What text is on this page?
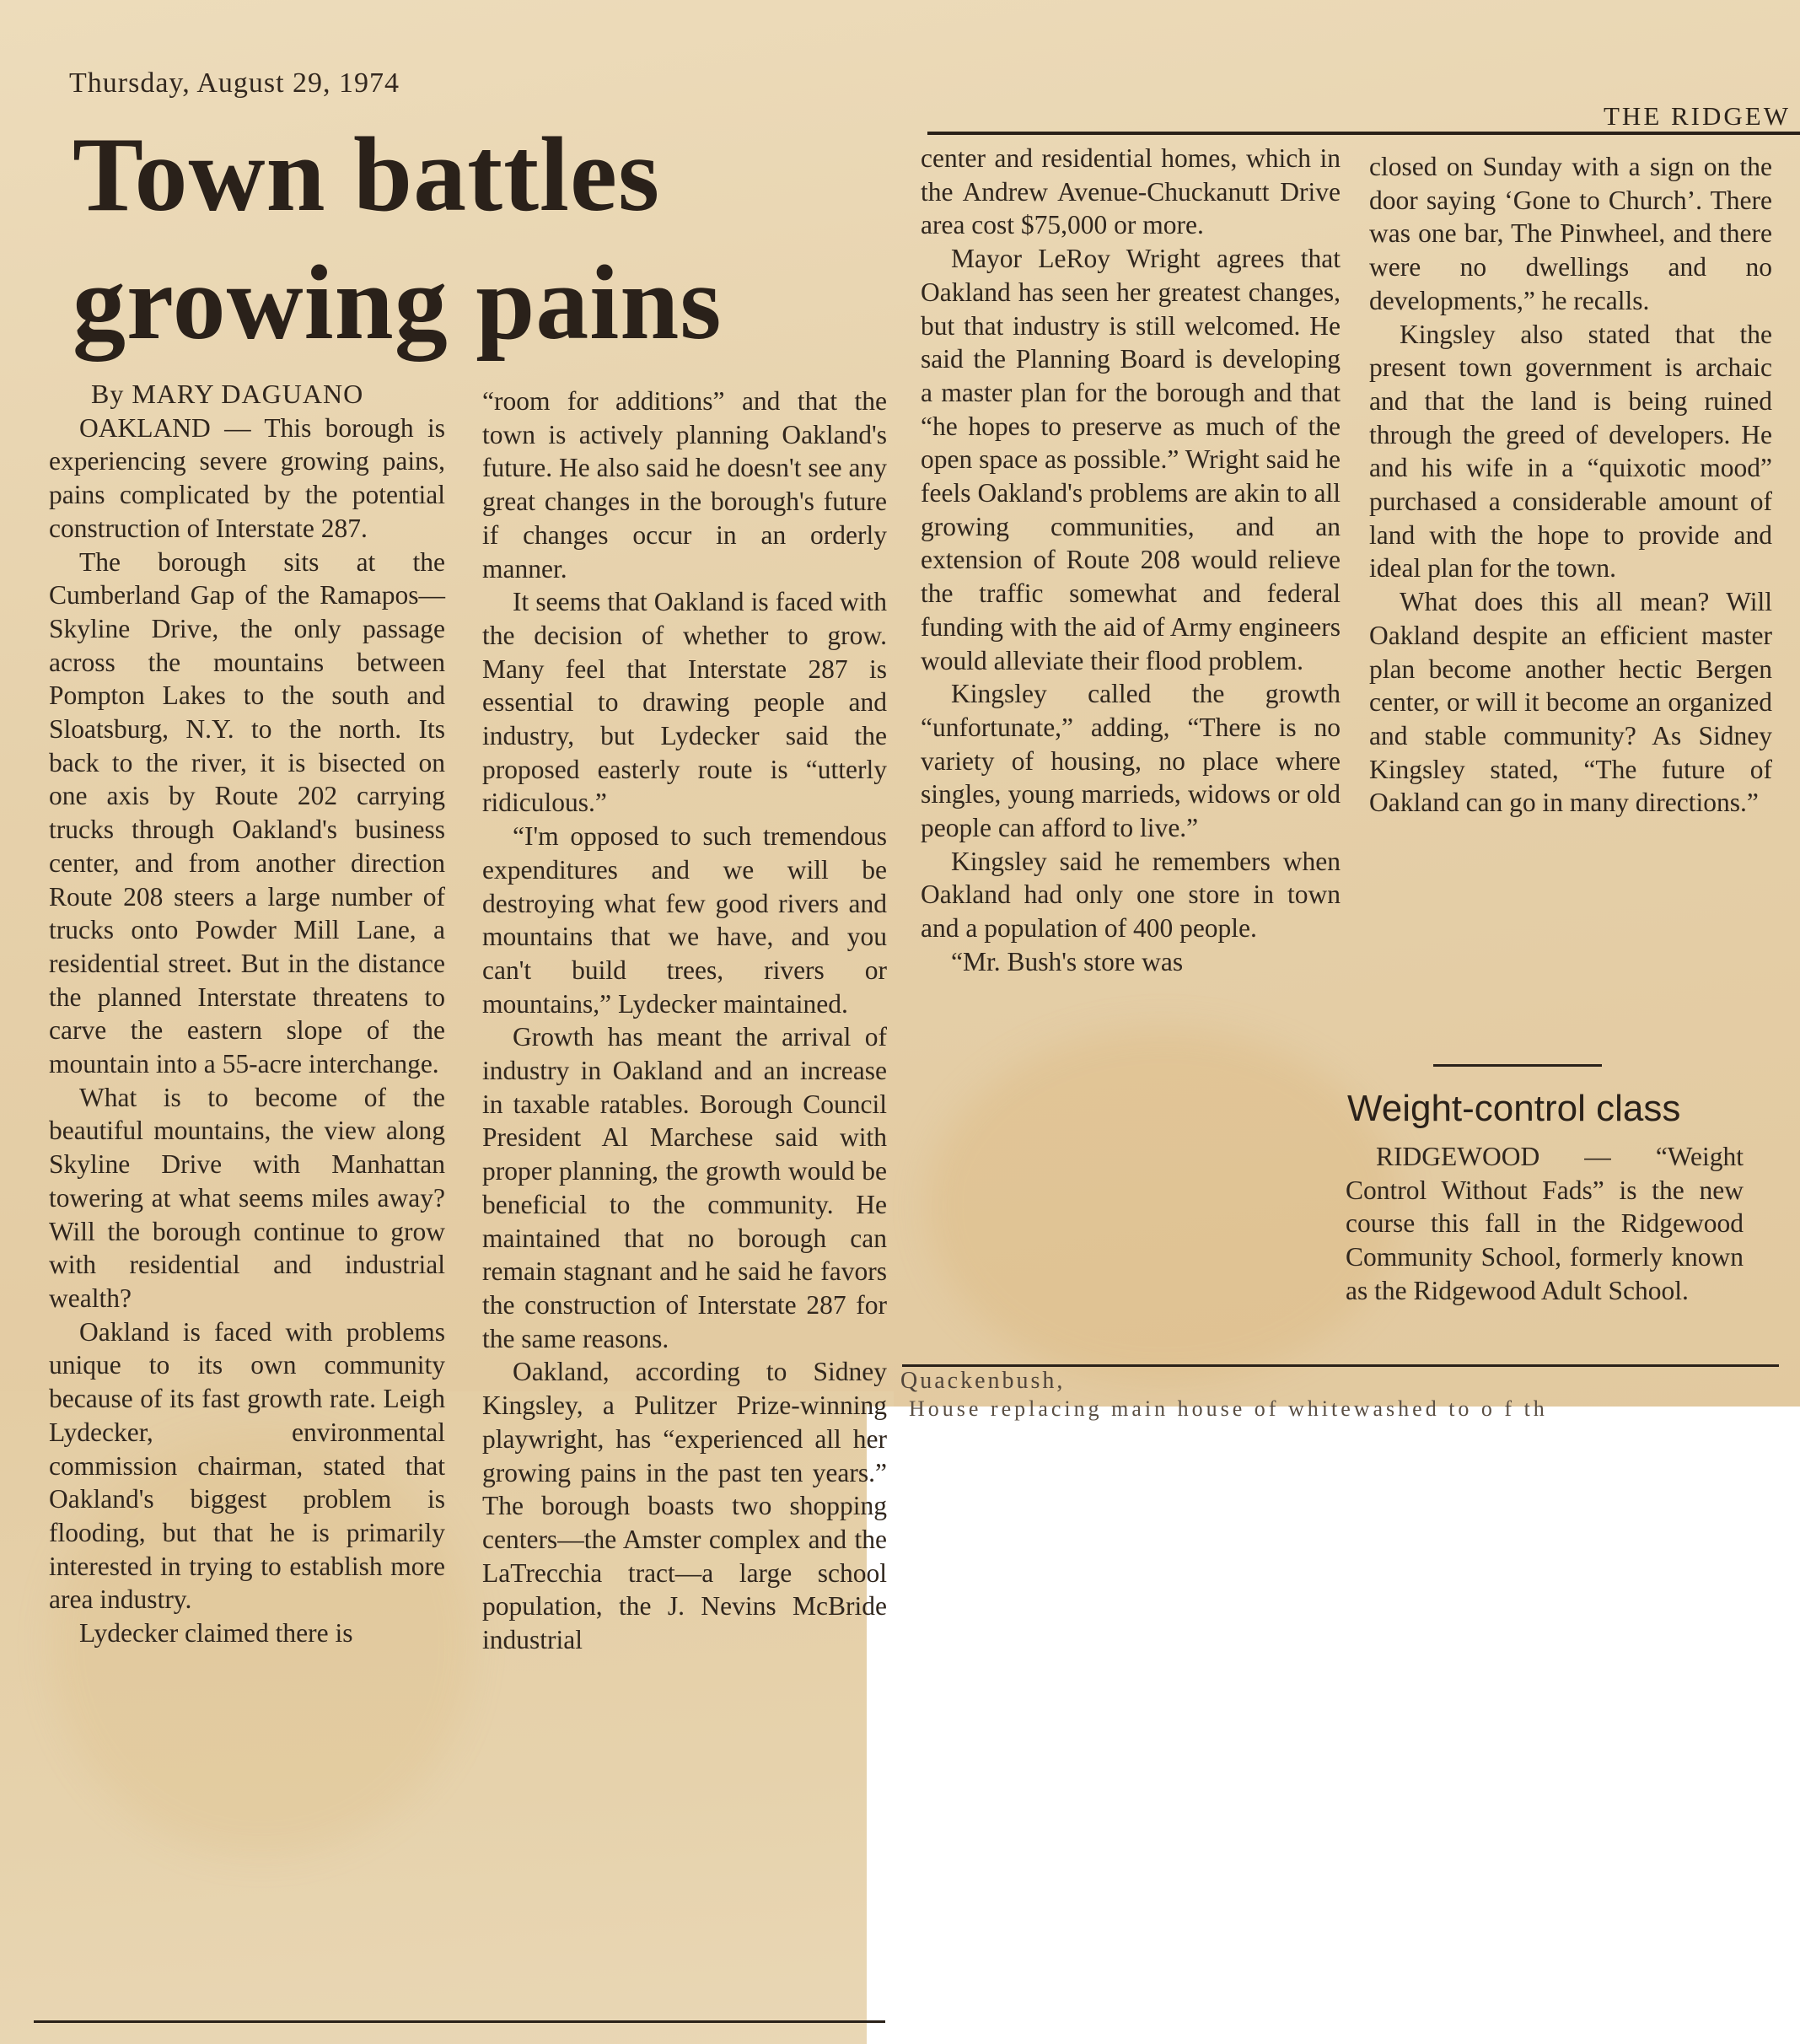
Thursday, August 29, 1974
THE RIDGEW
Town battles growing pains
By MARY DAGUANO

OAKLAND — This borough is experiencing severe growing pains, pains complicated by the potential construction of Interstate 287.

The borough sits at the Cumberland Gap of the Ramapos—Skyline Drive, the only passage across the mountains between Pompton Lakes to the south and Sloatsburg, N.Y. to the north. Its back to the river, it is bisected on one axis by Route 202 carrying trucks through Oakland's business center, and from another direction Route 208 steers a large number of trucks onto Powder Mill Lane, a residential street. But in the distance the planned Interstate threatens to carve the eastern slope of the mountain into a 55-acre interchange.

What is to become of the beautiful mountains, the view along Skyline Drive with Manhattan towering at what seems miles away? Will the borough continue to grow with residential and industrial wealth?

Oakland is faced with problems unique to its own community because of its fast growth rate. Leigh Lydecker, environmental commission chairman, stated that Oakland's biggest problem is flooding, but that he is primarily interested in trying to establish more area industry.

Lydecker claimed there is

“room for additions” and that the town is actively planning Oakland's future. He also said he doesn't see any great changes in the borough's future if changes occur in an orderly manner.

It seems that Oakland is faced with the decision of whether to grow. Many feel that Interstate 287 is essential to drawing people and industry, but Lydecker said the proposed easterly route is “utterly ridiculous.”

“I'm opposed to such tremendous expenditures and we will be destroying what few good rivers and mountains that we have, and you can't build trees, rivers or mountains,” Lydecker maintained.

Growth has meant the arrival of industry in Oakland and an increase in taxable ratables. Borough Council President Al Marchese said with proper planning, the growth would be beneficial to the community. He maintained that no borough can remain stagnant and he said he favors the construction of Interstate 287 for the same reasons.

Oakland, according to Sidney Kingsley, a Pulitzer Prize-winning playwright, has “experienced all her growing pains in the past ten years.” The borough boasts two shopping centers—the Amster complex and the LaTrecchia tract—a large school population, the J. Nevins McBride industrial

center and residential homes, which in the Andrew Avenue-Chuckanutt Drive area cost $75,000 or more.

Mayor LeRoy Wright agrees that Oakland has seen her greatest changes, but that industry is still welcomed. He said the Planning Board is developing a master plan for the borough and that “he hopes to preserve as much of the open space as possible.” Wright said he feels Oakland's problems are akin to all growing communities, and an extension of Route 208 would relieve the traffic somewhat and federal funding with the aid of Army engineers would alleviate their flood problem.

Kingsley called the growth “unfortunate,” adding, “There is no variety of housing, no place where singles, young marrieds, widows or old people can afford to live.”

Kingsley said he remembers when Oakland had only one store in town and a population of 400 people.

“Mr. Bush's store was

closed on Sunday with a sign on the door saying ‘Gone to Church’. There was one bar, The Pinwheel, and there were no dwellings and no developments,” he recalls.

Kingsley also stated that the present town government is archaic and that the land is being ruined through the greed of developers. He and his wife in a “quixotic mood” purchased a considerable amount of land with the hope to provide and ideal plan for the town.

What does this all mean? Will Oakland despite an efficient master plan become another hectic Bergen center, or will it become an organized and stable community? As Sidney Kingsley stated, “The future of Oakland can go in many directions.”

Weight-control class

RIDGEWOOD — “Weight Control Without Fads” is the new course this fall in the Ridgewood Community School, formerly known as the Ridgewood Adult School.

Quackenbush,
